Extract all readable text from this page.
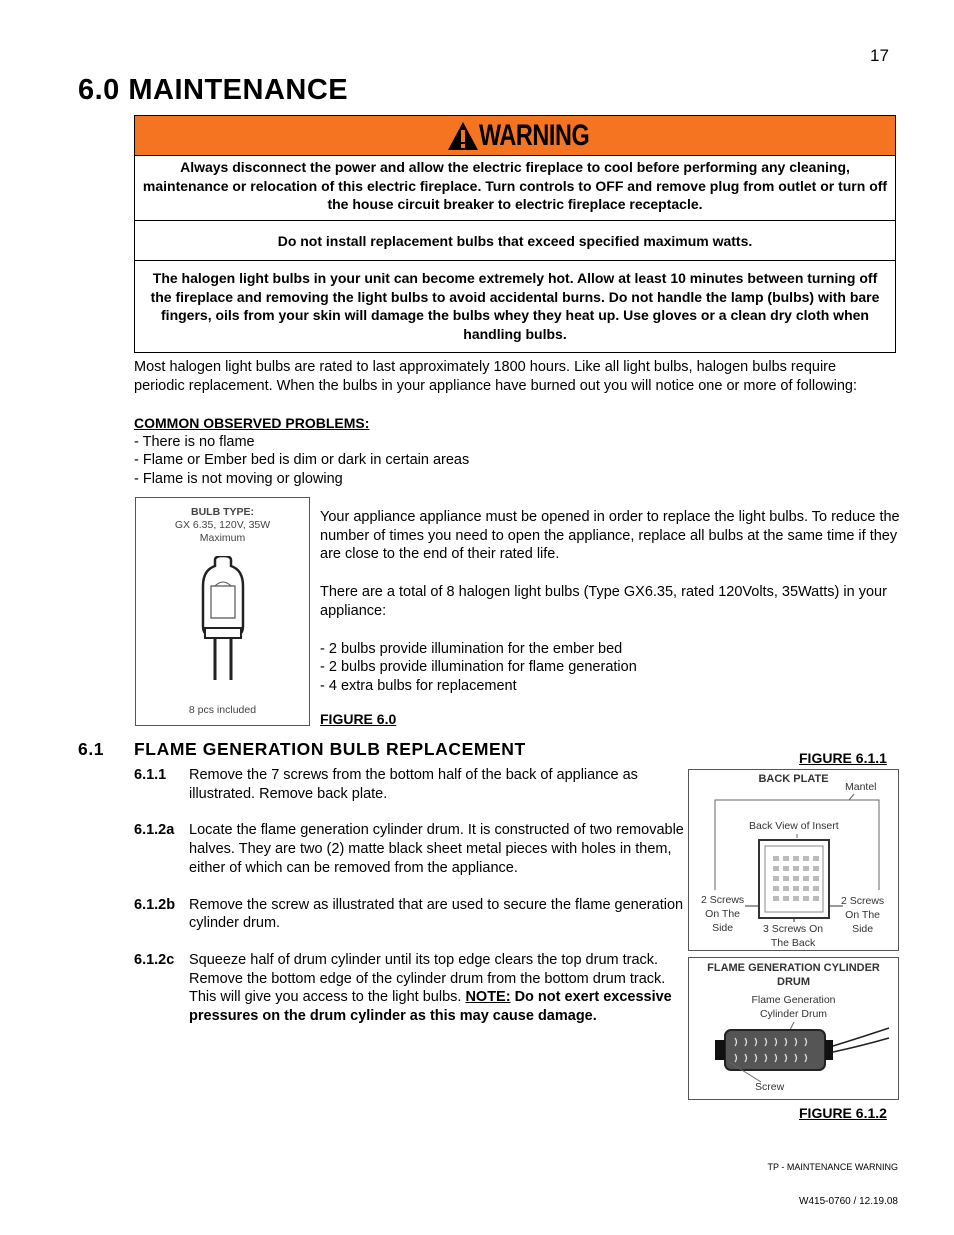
17
6.0 MAINTENANCE
WARNING
Always disconnect the power and allow the electric fireplace to cool before performing any cleaning, maintenance or relocation of this electric fireplace. Turn controls to OFF and remove plug from outlet or turn off the house circuit breaker to electric fireplace receptacle.
Do not install replacement bulbs that exceed specified maximum watts.
The halogen light bulbs in your unit can become extremely hot. Allow at least 10 minutes between turning off the fireplace and removing the light bulbs to avoid accidental burns. Do not handle the lamp (bulbs) with bare fingers, oils from your skin will damage the bulbs whey they heat up. Use gloves or a clean dry cloth when handling bulbs.
Most halogen light bulbs are rated to last approximately 1800 hours. Like all light bulbs, halogen bulbs require
periodic replacement. When the bulbs in your appliance have burned out you will notice one or more of following:
COMMON OBSERVED PROBLEMS:
- There is no flame
- Flame or Ember bed is dim or dark in certain areas
- Flame is not moving or glowing
BULB TYPE:
GX 6.35, 120V, 35W
Maximum
8 pcs included
Your appliance appliance must be opened in order to replace the light bulbs. To reduce the number of times you need to open the appliance, replace all bulbs at the same time if they are close to the end of their rated life.
There are a total of 8 halogen light bulbs (Type GX6.35, rated 120Volts, 35Watts) in your appliance:
- 2 bulbs provide illumination for the ember bed
- 2 bulbs provide illumination for flame generation
- 4 extra bulbs for replacement
FIGURE 6.0
6.1 FLAME GENERATION BULB REPLACEMENT
6.1.1	Remove the 7 screws from the bottom half of the back of appliance as illustrated. Remove back plate.
6.1.2a	Locate the flame generation cylinder drum. It is constructed of two removable halves. They are two (2) matte black sheet metal pieces with holes in them, either of which can be removed from the appliance.
6.1.2b Remove the screw as illustrated that are used to secure the flame generation cylinder drum.
6.1.2c	Squeeze half of drum cylinder until its top edge clears the top drum track. Remove the bottom edge of the cylinder drum from the bottom drum track. This will give you access to the light bulbs. NOTE: Do not exert excessive pressures on the drum cylinder as this may cause damage.
FIGURE 6.1.1
BACK PLATE
Mantel
Back View of Insert
2 Screws
On The
Side
2 Screws
On The
Side
3 Screws On
The Back
FLAME GENERATION CYLINDER
DRUM
Flame Generation
Cylinder Drum
Screw
FIGURE 6.1.2
TP - MAINTENANCE WARNING
W415-0760 / 12.19.08
